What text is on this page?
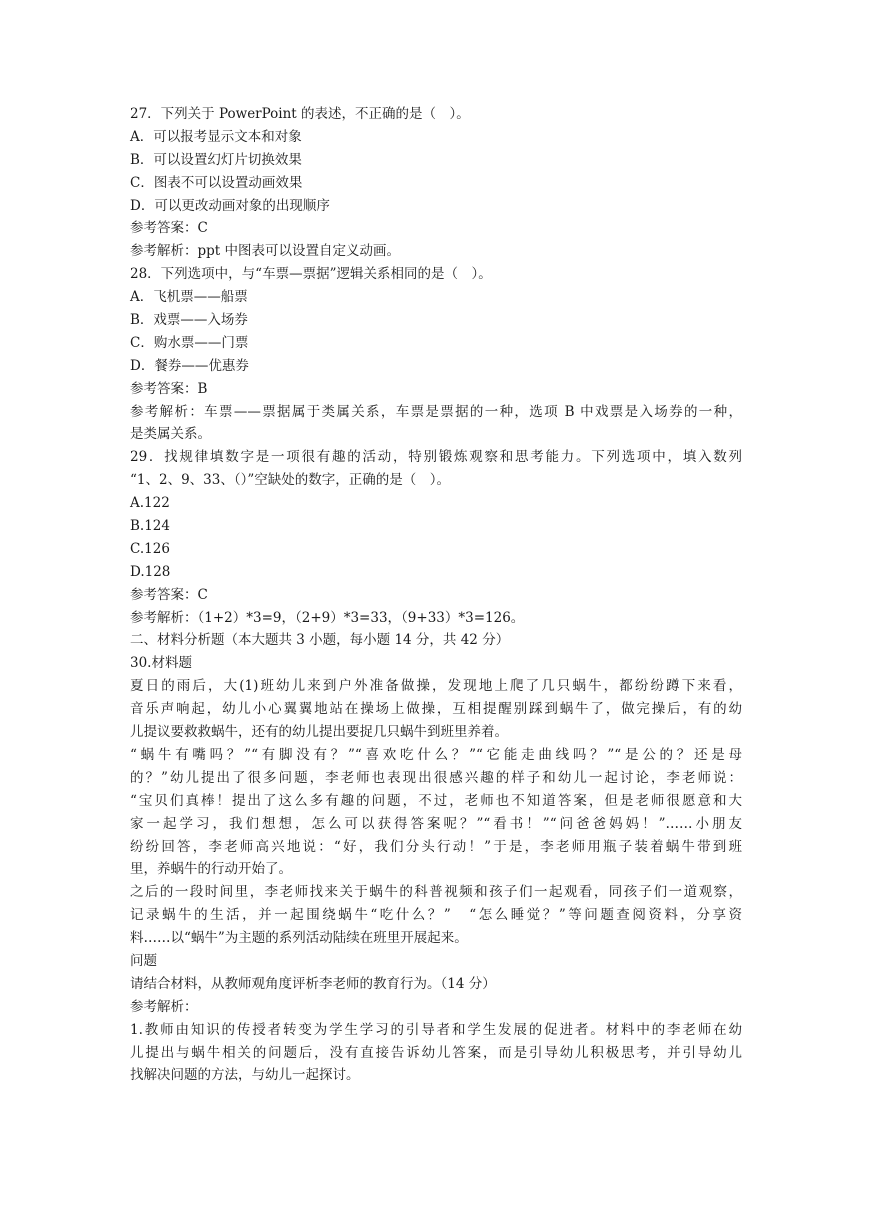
27．下列关于 PowerPoint 的表述，不正确的是（　）。
A．可以报考显示文本和对象
B．可以设置幻灯片切换效果
C．图表不可以设置动画效果
D．可以更改动画对象的出现顺序
参考答案：C
参考解析：ppt 中图表可以设置自定义动画。
28．下列选项中，与“车票—票据”逻辑关系相同的是（　）。
A．飞机票——船票
B．戏票——入场券
C．购水票——门票
D．餐券——优惠券
参考答案：B
参考解析：车票——票据属于类属关系，车票是票据的一种，选项 B 中戏票是入场券的一种，
是类属关系。
29．找规律填数字是一项很有趣的活动，特别锻炼观察和思考能力。下列选项中，填入数列
“1、2、9、33、（）”空缺处的数字，正确的是（　）。
A.122
B.124
C.126
D.128
参考答案：C
参考解析：（1+2）*3=9，（2+9）*3=33，（9+33）*3=126。
二、材料分析题（本大题共 3 小题，每小题 14 分，共 42 分）
30.材料题
夏日的雨后，大(1)班幼儿来到户外准备做操，发现地上爬了几只蜗牛，都纷纷蹲下来看，
音乐声响起，幼儿小心翼翼地站在操场上做操，互相提醒别踩到蜗牛了，做完操后，有的幼
儿提议要救救蜗牛，还有的幼儿提出要捉几只蜗牛到班里养着。
“蜗牛有嘴吗？”“有脚没有？”“喜欢吃什么？”“它能走曲线吗？”“是公的？还是母
的？”幼儿提出了很多问题，李老师也表现出很感兴趣的样子和幼儿一起讨论，李老师说：
“宝贝们真棒！提出了这么多有趣的问题，不过，老师也不知道答案，但是老师很愿意和大
家一起学习，我们想想，怎么可以获得答案呢？”“看书！”“问爸爸妈妈！”……小朋友
纷纷回答，李老师高兴地说：“好，我们分头行动！”于是，李老师用瓶子装着蜗牛带到班
里，养蜗牛的行动开始了。
之后的一段时间里，李老师找来关于蜗牛的科普视频和孩子们一起观看，同孩子们一道观察，
记录蜗牛的生活，并一起围绕蜗牛“吃什么？”　“怎么睡觉？”等问题查阅资料，分享资
料……以“蜗牛”为主题的系列活动陆续在班里开展起来。
问题
请结合材料，从教师观角度评析李老师的教育行为。（14 分）
参考解析：
1.教师由知识的传授者转变为学生学习的引导者和学生发展的促进者。材料中的李老师在幼
儿提出与蜗牛相关的问题后，没有直接告诉幼儿答案，而是引导幼儿积极思考，并引导幼儿
找解决问题的方法，与幼儿一起探讨。
